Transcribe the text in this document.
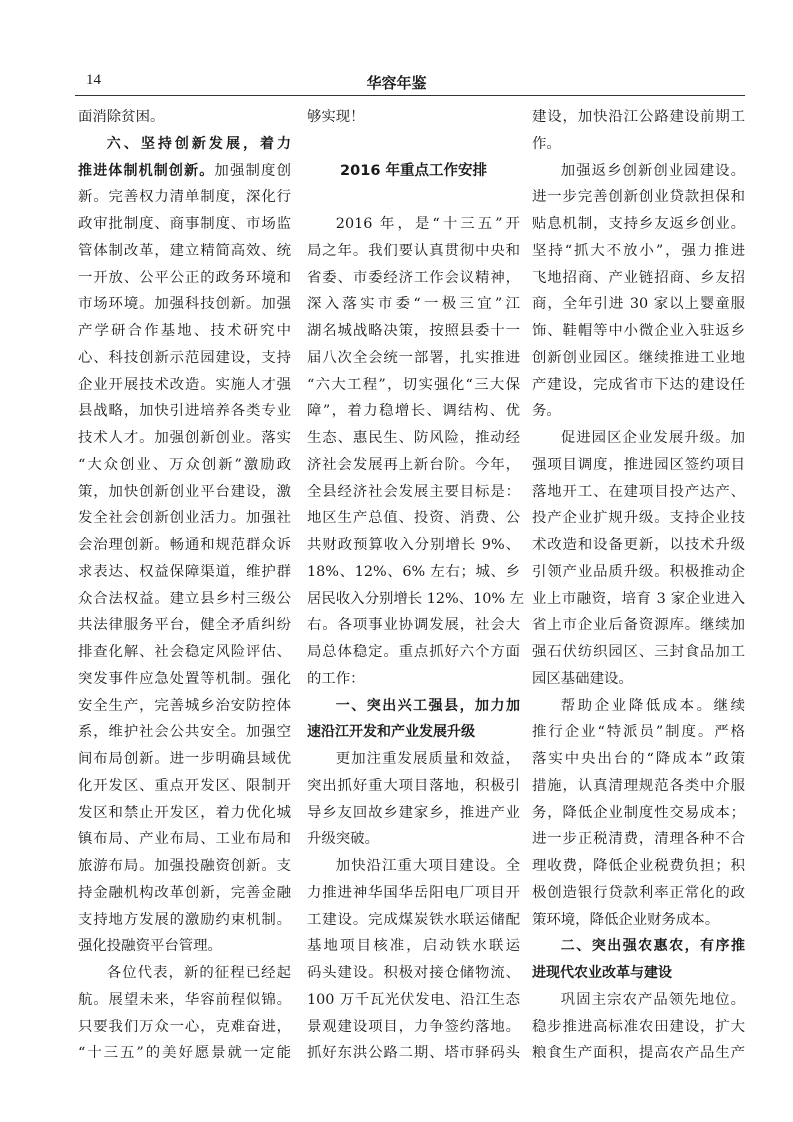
14	华容年鉴
面消除贫困。
六、坚持创新发展，着力
推进体制机制创新。加强制度创
新。完善权力清单制度，深化行
政审批制度、商事制度、市场监
管体制改革，建立精简高效、统
一开放、公平公正的政务环境和
市场环境。加强科技创新。加强
产学研合作基地、技术研究中
心、科技创新示范园建设，支持
企业开展技术改造。实施人才强
县战略，加快引进培养各类专业
技术人才。加强创新创业。落实
“大众创业、万众创新”激励政
策，加快创新创业平台建设，激
发全社会创新创业活力。加强社
会治理创新。畅通和规范群众诉
求表达、权益保障渠道，维护群
众合法权益。建立县乡村三级公
共法律服务平台，健全矛盾纠纷
排查化解、社会稳定风险评估、
突发事件应急处置等机制。强化
安全生产，完善城乡治安防控体
系，维护社会公共安全。加强空
间布局创新。进一步明确县域优
化开发区、重点开发区、限制开
发区和禁止开发区，着力优化城
镇布局、产业布局、工业布局和
旅游布局。加强投融资创新。支
持金融机构改革创新，完善金融
支持地方发展的激励约束机制。
强化投融资平台管理。
各位代表，新的征程已经起
航。展望未来，华容前程似锦。
只要我们万众一心，克难奋进，
“十三五”的美好愿景就一定能
够实现！
2016 年重点工作安排
2016 年，是“十三五”开
局之年。我们要认真贯彻中央和
省委、市委经济工作会议精神，
深入落实市委“一极三宜”江
湖名城战略决策，按照县委十一
届八次全会统一部署，扎实推进
“六大工程”，切实强化“三大保
障”，着力稳增长、调结构、优
生态、惠民生、防风险，推动经
济社会发展再上新台阶。今年，
全县经济社会发展主要目标是：
地区生产总值、投资、消费、公
共财政预算收入分别增长 9%、
18%、12%、6% 左右；城、乡
居民收入分别增长 12%、10% 左
右。各项事业协调发展，社会大
局总体稳定。重点抓好六个方面
的工作：
一、突出兴工强县，加力加
速沿江开发和产业发展升级
更加注重发展质量和效益，
突出抓好重大项目落地，积极引
导乡友回故乡建家乡，推进产业
升级突破。
加快沿江重大项目建设。全
力推进神华国华岳阳电厂项目开
工建设。完成煤炭铁水联运储配
基地项目核准，启动铁水联运
码头建设。积极对接仓储物流、
100 万千瓦光伏发电、沿江生态
景观建设项目，力争签约落地。
抓好东洪公路二期、塔市驿码头
建设，加快沿江公路建设前期工
作。
加强返乡创新创业园建设。
进一步完善创新创业贷款担保和
贴息机制，支持乡友返乡创业。
坚持“抓大不放小”，强力推进
飞地招商、产业链招商、乡友招
商，全年引进 30 家以上婴童服
饰、鞋帽等中小微企业入驻返乡
创新创业园区。继续推进工业地
产建设，完成省市下达的建设任
务。
促进园区企业发展升级。加
强项目调度，推进园区签约项目
落地开工、在建项目投产达产、
投产企业扩规升级。支持企业技
术改造和设备更新，以技术升级
引领产业品质升级。积极推动企
业上市融资，培育 3 家企业进入
省上市企业后备资源库。继续加
强石伏纺织园区、三封食品加工
园区基础建设。
帮助企业降低成本。继续
推行企业“特派员”制度。严格
落实中央出台的“降成本”政策
措施，认真清理规范各类中介服
务，降低企业制度性交易成本；
进一步正税清费，清理各种不合
理收费，降低企业税费负担；积
极创造银行贷款利率正常化的政
策环境，降低企业财务成本。
二、突出强农惠农，有序推
进现代农业改革与建设
巩固主宗农产品领先地位。
稳步推进高标准农田建设，扩大
粮食生产面积，提高农产品生产
